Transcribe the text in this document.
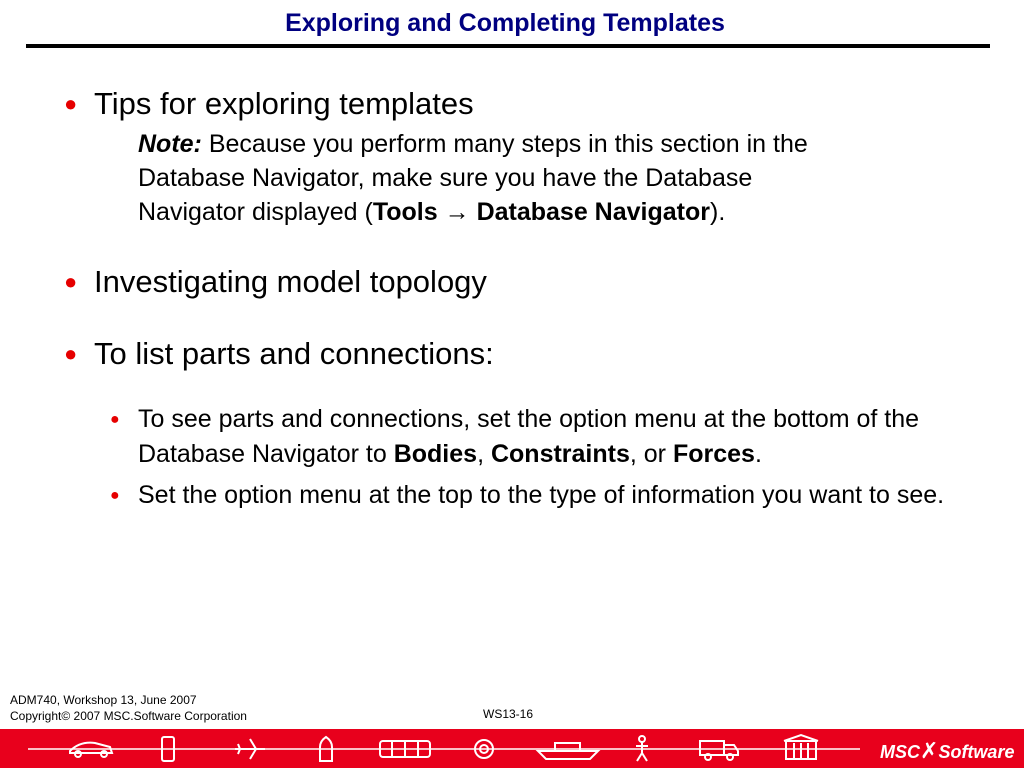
Exploring and Completing Templates
● Tips for exploring templates
Note: Because you perform many steps in this section in the
Database Navigator, make sure you have the Database
Navigator displayed (Tools → Database Navigator).
● Investigating model topology
● To list parts and connections:
● To see parts and connections, set the option menu at the bottom of the Database Navigator to Bodies, Constraints, or Forces.
● Set the option menu at the top to the type of information you want to see.
ADM740, Workshop 13, June 2007
Copyright© 2007 MSC.Software Corporation	WS13-16
MSC✗Software
